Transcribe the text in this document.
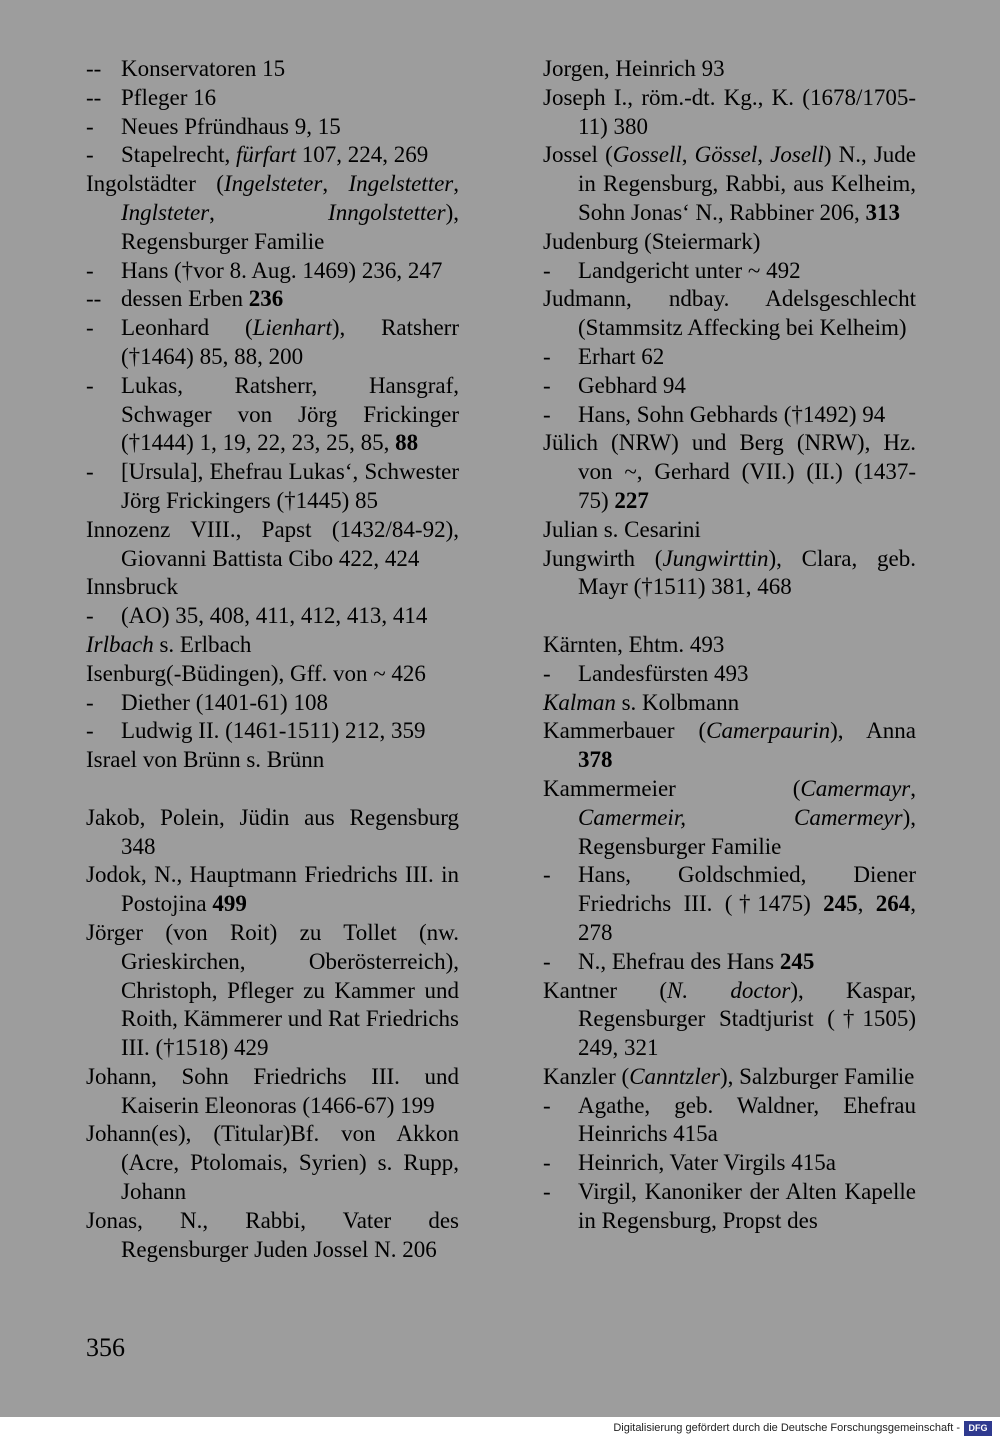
-- Konservatoren 15
-- Pfleger 16
- Neues Pfründhaus 9, 15
- Stapelrecht, fürfart 107, 224, 269
Ingolstädter (Ingelsteter, Ingelstetter, Inglsteter, Inngolstetter), Regensburger Familie
- Hans (†vor 8. Aug. 1469) 236, 247
-- dessen Erben 236
- Leonhard (Lienhart), Ratsherr (†1464) 85, 88, 200
- Lukas, Ratsherr, Hansgraf, Schwager von Jörg Frickinger (†1444) 1, 19, 22, 23, 25, 85, 88
- [Ursula], Ehefrau Lukas‘, Schwester Jörg Frickingers (†1445) 85
Innozenz VIII., Papst (1432/84-92), Giovanni Battista Cibo 422, 424
Innsbruck
- (AO) 35, 408, 411, 412, 413, 414
Irlbach s. Erlbach
Isenburg(-Büdingen), Gff. von ~ 426
- Diether (1401-61) 108
- Ludwig II. (1461-1511) 212, 359
Israel von Brünn s. Brünn
Jakob, Polein, Jüdin aus Regensburg 348
Jodok, N., Hauptmann Friedrichs III. in Postojina 499
Jörger (von Roit) zu Tollet (nw. Grieskirchen, Oberösterreich), Christoph, Pfleger zu Kammer und Roith, Kämmerer und Rat Friedrichs III. (†1518) 429
Johann, Sohn Friedrichs III. und Kaiserin Eleonoras (1466-67) 199
Johann(es), (Titular)Bf. von Akkon (Acre, Ptolomais, Syrien) s. Rupp, Johann
Jonas, N., Rabbi, Vater des Regensburger Juden Jossel N. 206
Jorgen, Heinrich 93
Joseph I., röm.-dt. Kg., K. (1678/1705-11) 380
Jossel (Gossell, Gössel, Josell) N., Jude in Regensburg, Rabbi, aus Kelheim, Sohn Jonas‘ N., Rabbiner 206, 313
Judenburg (Steiermark)
- Landgericht unter ~ 492
Judmann, ndbay. Adelsgeschlecht (Stammsitz Affecking bei Kelheim)
- Erhart 62
- Gebhard 94
- Hans, Sohn Gebhards (†1492) 94
Jülich (NRW) und Berg (NRW), Hz. von ~, Gerhard (VII.) (II.) (1437-75) 227
Julian s. Cesarini
Jungwirth (Jungwirttin), Clara, geb. Mayr (†1511) 381, 468
Kärnten, Ehtm. 493
- Landesfürsten 493
Kalman s. Kolbmann
Kammerbauer (Camerpaurin), Anna 378
Kammermeier (Camermayr, Camermeir, Camermeyr), Regensburger Familie
- Hans, Goldschmied, Diener Friedrichs III. (†1475) 245, 264, 278
- N., Ehefrau des Hans 245
Kantner (N. doctor), Kaspar, Regensburger Stadtjurist (†1505) 249, 321
Kanzler (Canntzler), Salzburger Familie
- Agathe, geb. Waldner, Ehefrau Heinrichs 415a
- Heinrich, Vater Virgils 415a
- Virgil, Kanoniker der Alten Kapelle in Regensburg, Propst des
356
Digitalisierung gefördert durch die Deutsche Forschungsgemeinschaft - DFG
